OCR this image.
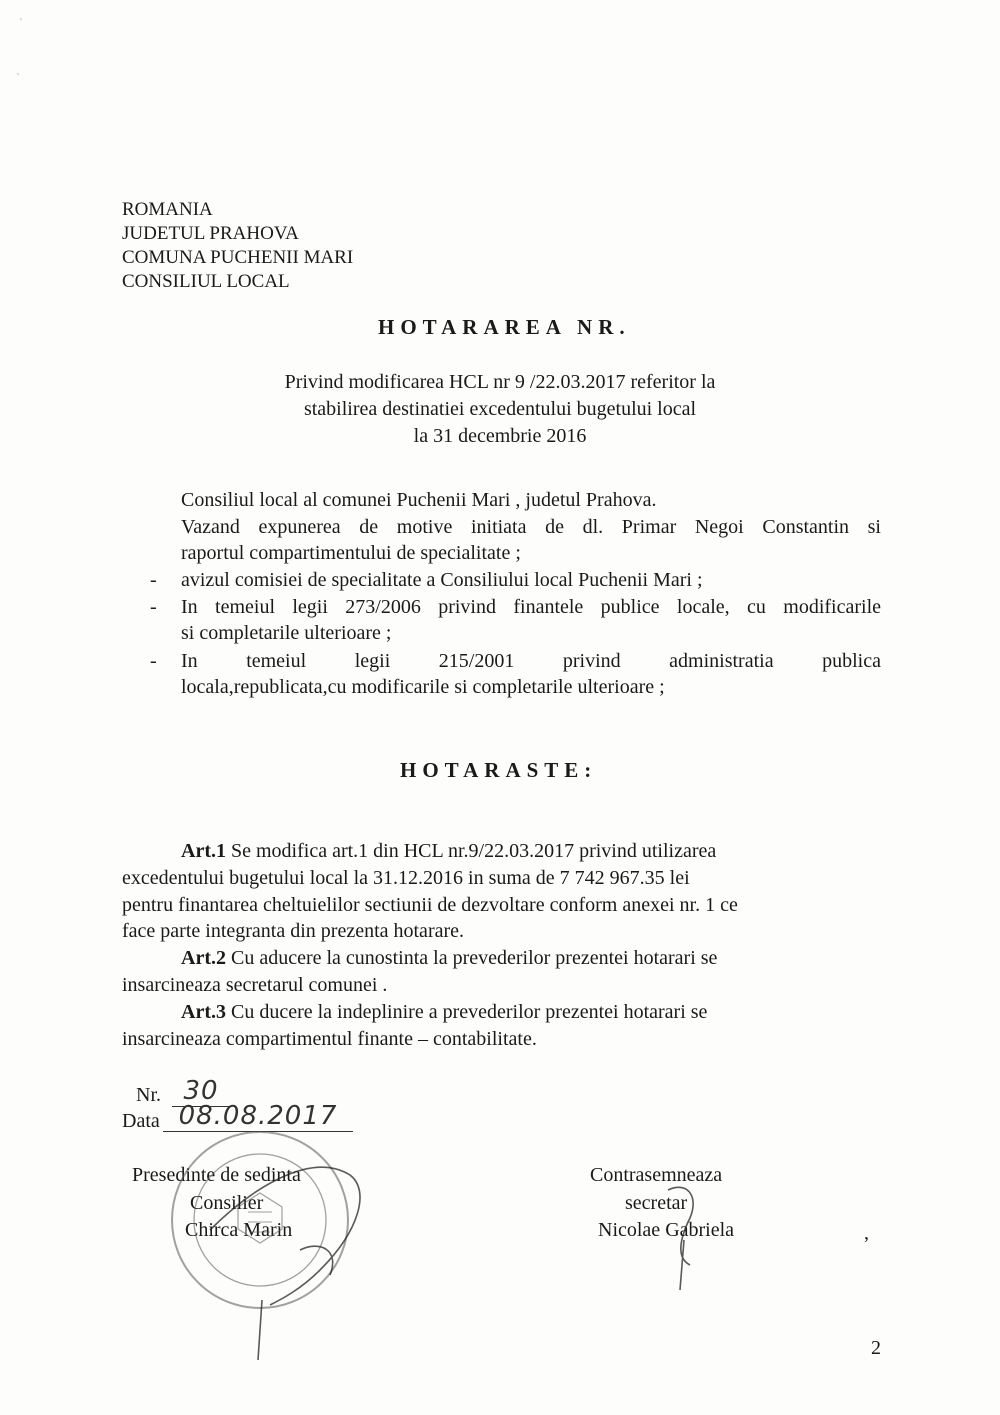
ROMANIA
JUDETUL PRAHOVA
COMUNA PUCHENII MARI
CONSILIUL LOCAL
HOTARAREA NR.
Privind modificarea HCL nr 9 /22.03.2017 referitor la
stabilirea destinatiei excedentului bugetului local
la 31 decembrie 2016
Consiliul local al comunei Puchenii Mari , judetul Prahova.
Vazand expunerea de motive initiata de dl. Primar Negoi Constantin si
raportul compartimentului de specialitate ;
- avizul comisiei de specialitate a Consiliului local Puchenii Mari ;
- In temeiul legii 273/2006 privind finantele publice locale, cu modificarile
si completarile ulterioare ;
- In temeiul legii 215/2001 privind administratia publica
locala,republicata,cu modificarile si completarile ulterioare ;
HOTARASTE:
Art.1 Se modifica art.1 din HCL nr.9/22.03.2017 privind utilizarea
excedentului bugetului local la 31.12.2016 in suma de 7 742 967.35 lei
pentru finantarea cheltuielilor sectiunii de dezvoltare conform anexei nr. 1 ce
face parte integranta din prezenta hotarare.
Art.2 Cu aducere la cunostinta la prevederilor prezentei hotarari se
insarcineaza secretarul comunei .
Art.3 Cu ducere la indeplinire a prevederilor prezentei hotarari se
insarcineaza compartimentul finante – contabilitate.
Nr. 30
Data 08.08.2017
Presedinte de sedinta
Consilier
Chirca Marin
Contrasemneaza
secretar
Nicolae Gabriela	,
2
